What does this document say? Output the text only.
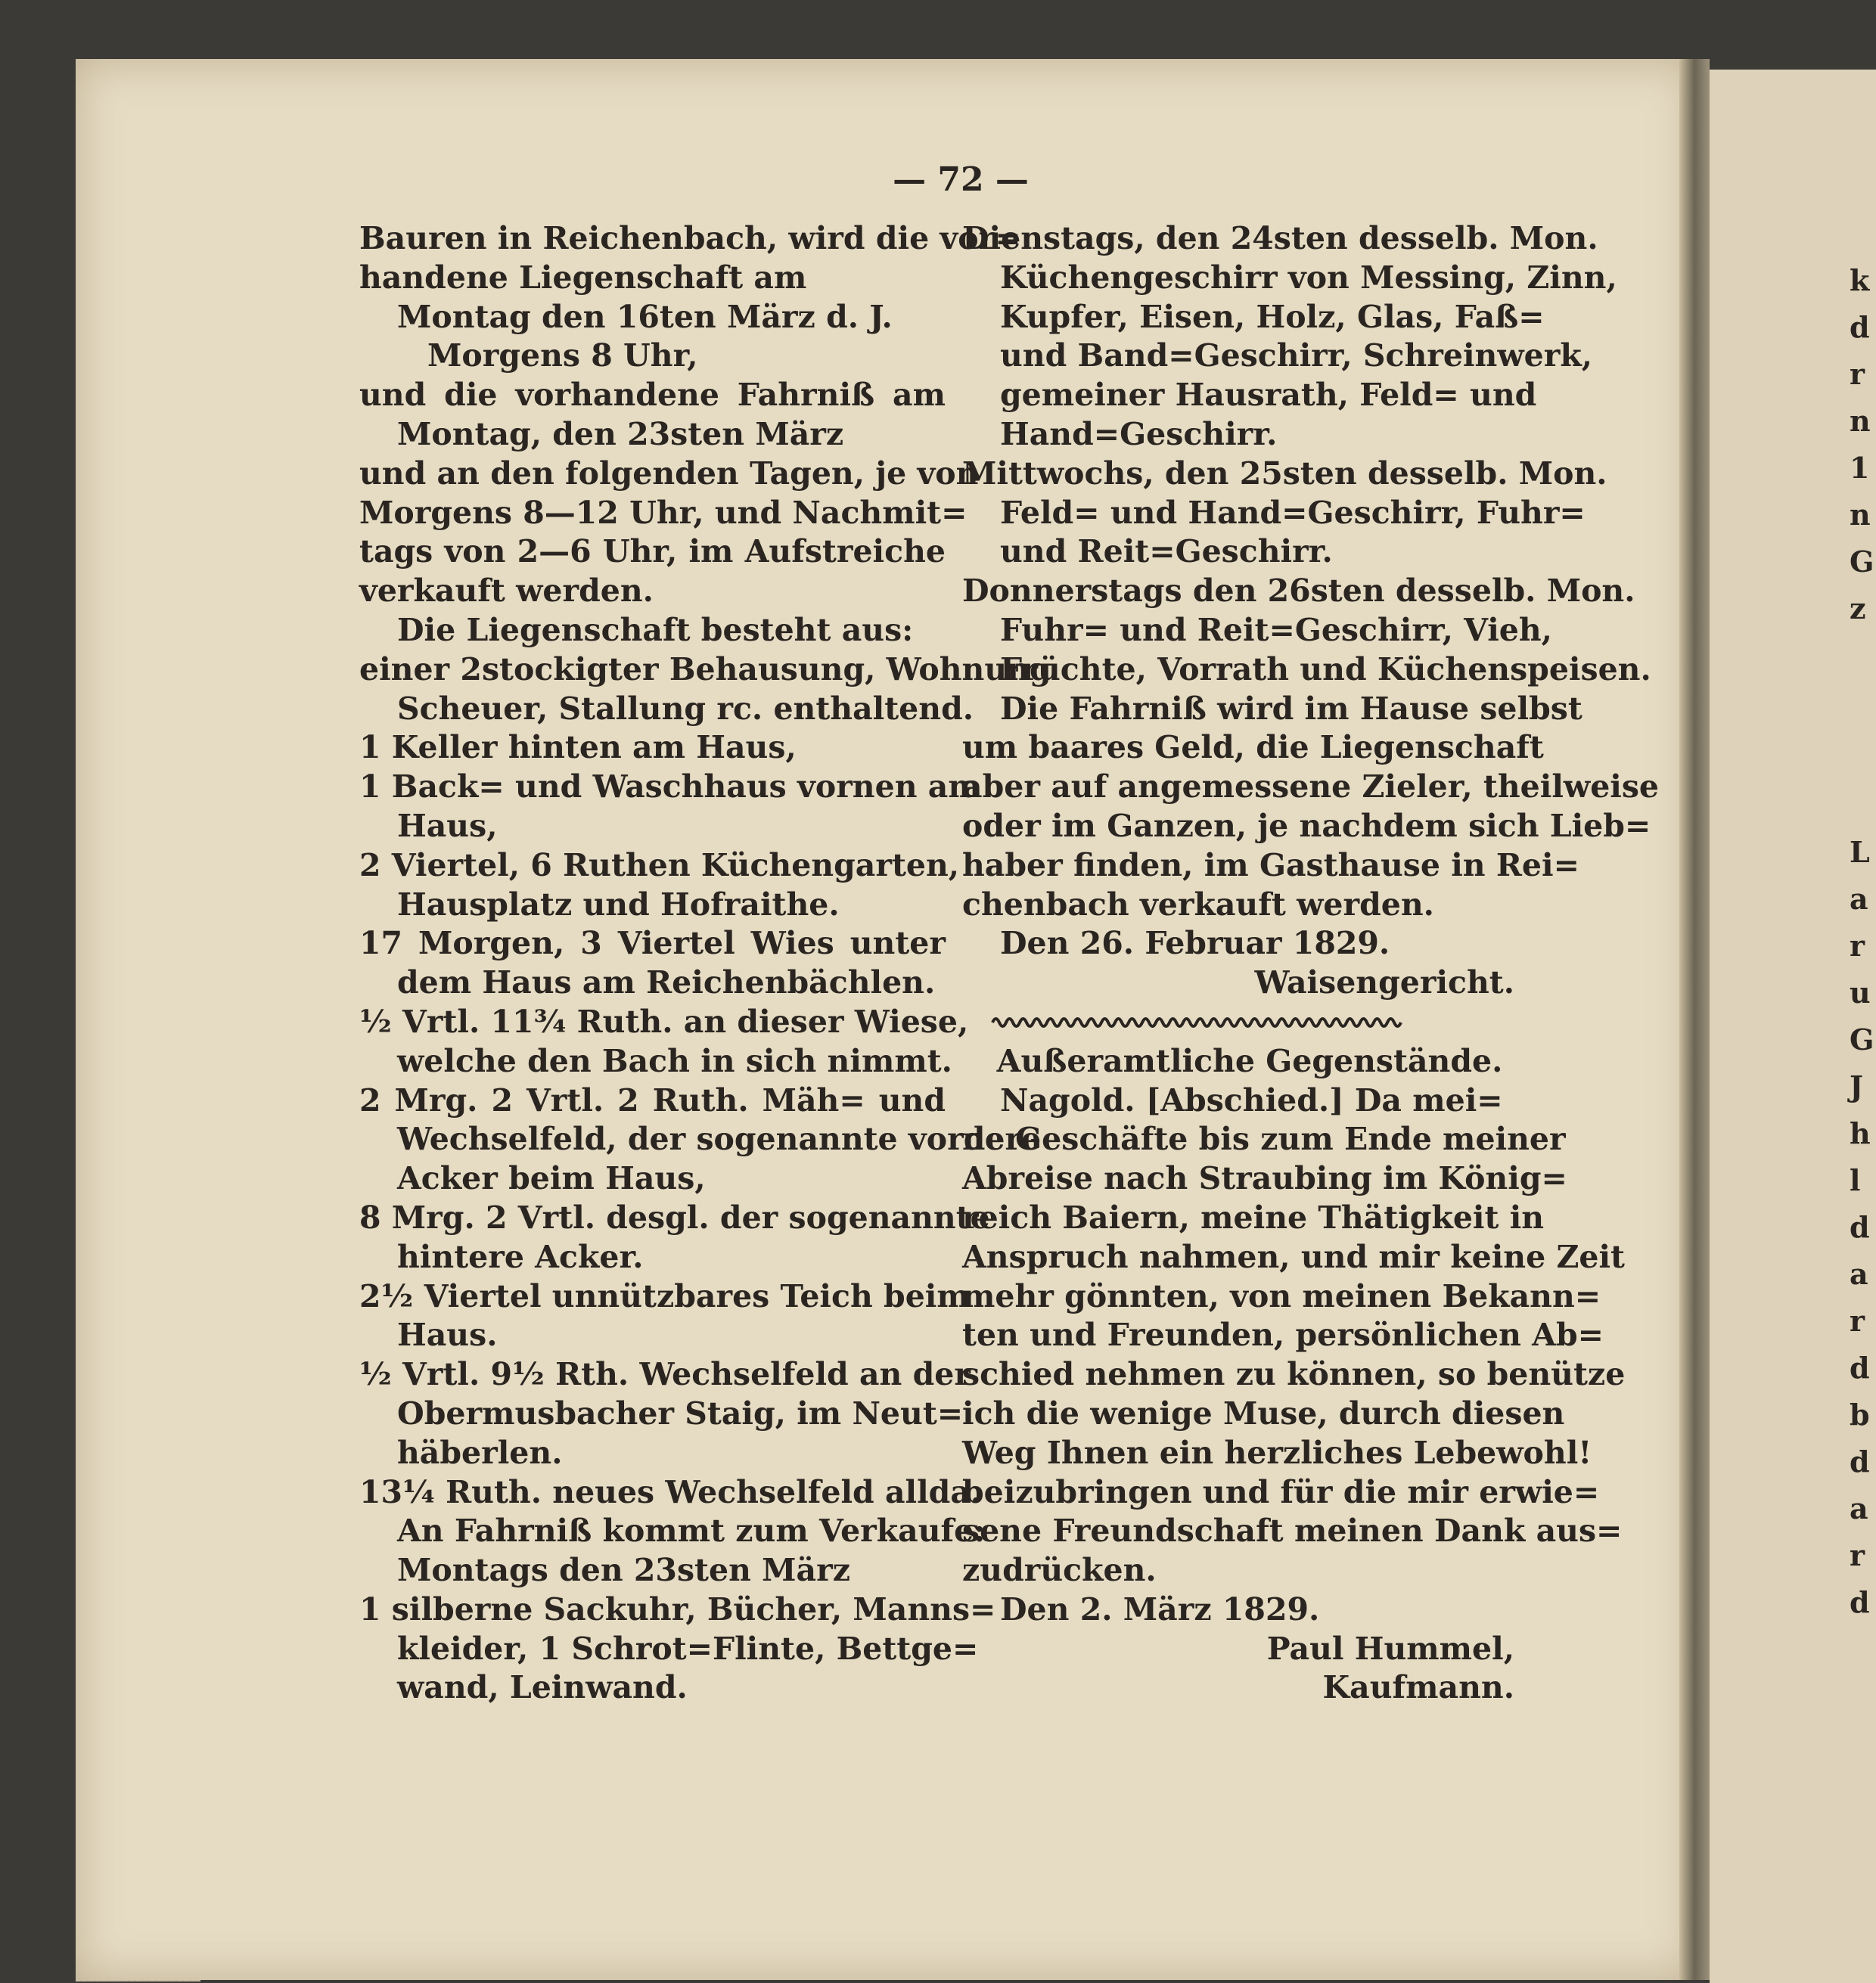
k
d
r
n
1
n
G
z
L
a
r
u
G
J
h
l
d
a
r
d
b
d
a
r
d
— 72 —
Bauren in Reichenbach, wird die vor=
handene Liegenschaft am
Montag den 16ten März d. J.
Morgens 8 Uhr,
und die vorhandene Fahrniß am
Montag, den 23sten März
und an den folgenden Tagen, je von
Morgens 8—12 Uhr, und Nachmit=
tags von 2—6 Uhr, im Aufstreiche
verkauft werden.
Die Liegenschaft besteht aus:
einer 2stockigter Behausung, Wohnung
Scheuer, Stallung rc. enthaltend.
1 Keller hinten am Haus,
1 Back= und Waschhaus vornen am
Haus,
2 Viertel, 6 Ruthen Küchengarten,
Hausplatz und Hofraithe.
17 Morgen, 3 Viertel Wies unter
dem Haus am Reichenbächlen.
½ Vrtl. 11¾ Ruth. an dieser Wiese,
welche den Bach in sich nimmt.
2 Mrg. 2 Vrtl. 2 Ruth. Mäh= und
Wechselfeld, der sogenannte vordere
Acker beim Haus,
8 Mrg. 2 Vrtl. desgl. der sogenannte
hintere Acker.
2½ Viertel unnützbares Teich beim
Haus.
½ Vrtl. 9½ Rth. Wechselfeld an der
Obermusbacher Staig, im Neut=
häberlen.
13¼ Ruth. neues Wechselfeld allda.
An Fahrniß kommt zum Verkaufe:
Montags den 23sten März
1 silberne Sackuhr, Bücher, Manns=
kleider, 1 Schrot=Flinte, Bettge=
wand, Leinwand.
Dienstags, den 24sten desselb. Mon.
Küchengeschirr von Messing, Zinn,
Kupfer, Eisen, Holz, Glas, Faß=
und Band=Geschirr, Schreinwerk,
gemeiner Hausrath, Feld= und
Hand=Geschirr.
Mittwochs, den 25sten desselb. Mon.
Feld= und Hand=Geschirr, Fuhr=
und Reit=Geschirr.
Donnerstags den 26sten desselb. Mon.
Fuhr= und Reit=Geschirr, Vieh,
Früchte, Vorrath und Küchenspeisen.
Die Fahrniß wird im Hause selbst
um baares Geld, die Liegenschaft
aber auf angemessene Zieler, theilweise
oder im Ganzen, je nachdem sich Lieb=
haber finden, im Gasthause in Rei=
chenbach verkauft werden.
Den 26. Februar 1829.
Waisengericht.
Außeramtliche Gegenstände.
Nagold. [Abschied.] Da mei=
ne Geschäfte bis zum Ende meiner
Abreise nach Straubing im König=
reich Baiern, meine Thätigkeit in
Anspruch nahmen, und mir keine Zeit
mehr gönnten, von meinen Bekann=
ten und Freunden, persönlichen Ab=
schied nehmen zu können, so benütze
ich die wenige Muse, durch diesen
Weg Ihnen ein herzliches Lebewohl!
beizubringen und für die mir erwie=
sene Freundschaft meinen Dank aus=
zudrücken.
Den 2. März 1829.
Paul Hummel,
Kaufmann.
